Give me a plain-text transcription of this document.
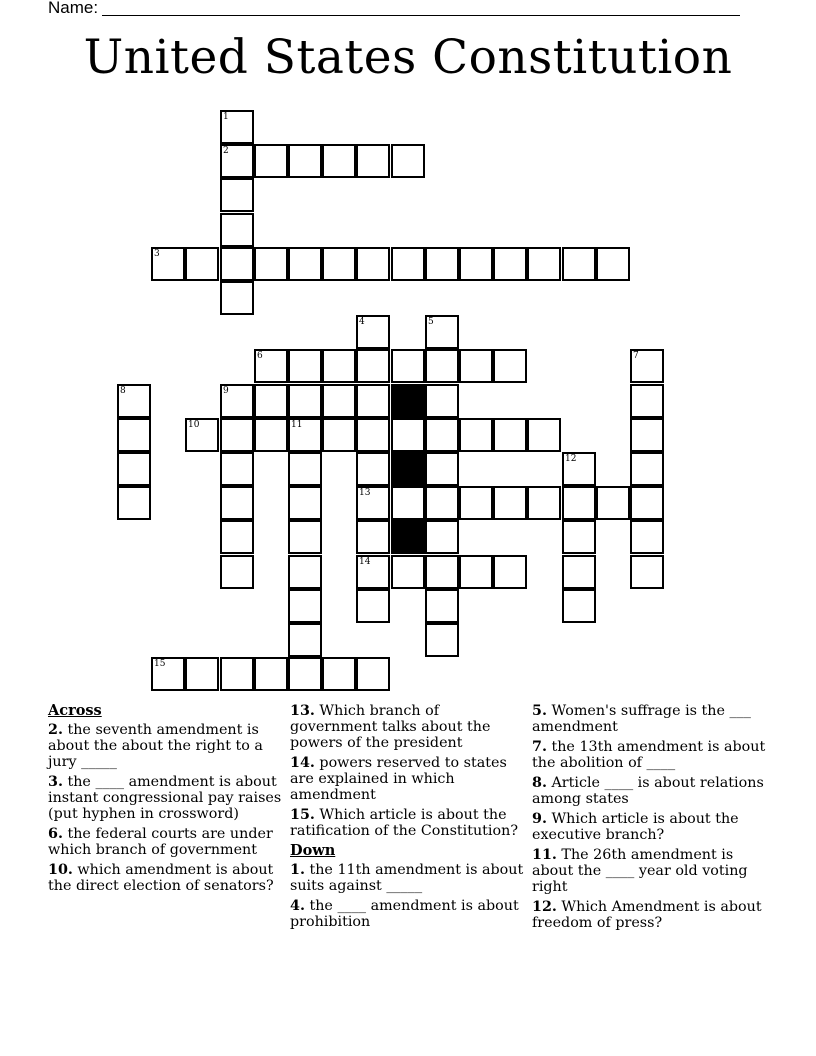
Name:
United States Constitution
1
2
3
4	5
6	7
8	9
10	11
12
13
14
15
Across
2. the seventh amendment is about the about the right to a jury _____
3. the ____ amendment is about instant congressional pay raises (put hyphen in crossword)
6. the federal courts are under which branch of government
10. which amendment is about the direct election of senators?
13. Which branch of government talks about the powers of the president
14. powers reserved to states are explained in which amendment
15. Which article is about the ratification of the Constitution?
Down
1. the 11th amendment is about suits against _____
4. the ____ amendment is about prohibition
5. Women's suffrage is the ___ amendment
7. the 13th amendment is about the abolition of ____
8. Article ____ is about relations among states
9. Which article is about the executive branch?
11. The 26th amendment is about the ____ year old voting right
12. Which Amendment is about freedom of press?
